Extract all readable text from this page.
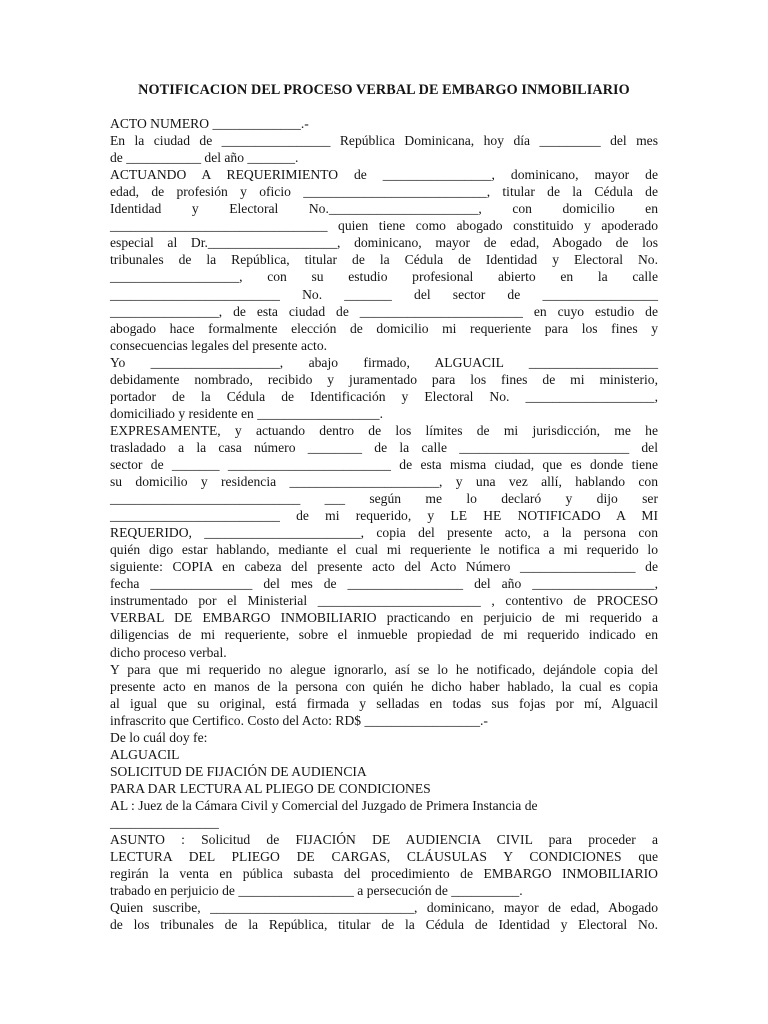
NOTIFICACION DEL PROCESO VERBAL DE EMBARGO INMOBILIARIO
ACTO NUMERO _____________.-
En la ciudad de ________________ República Dominicana, hoy día _________ del mes
de ___________ del año _______.
ACTUANDO A REQUERIMIENTO de ________________, dominicano, mayor de
edad, de profesión y oficio ___________________________, titular de la Cédula de
Identidad y Electoral No.______________________, con domicilio en
________________________________ quien tiene como abogado constituido y apoderado
especial al Dr.___________________, dominicano, mayor de edad, Abogado de los
tribunales de la República, titular de la Cédula de Identidad y Electoral No.
___________________, con su estudio profesional abierto en la calle
_________________________ No. _______ del sector de _________________
________________, de esta ciudad de ________________________ en cuyo estudio de
abogado hace formalmente elección de domicilio mi requeriente para los fines y
consecuencias legales del presente acto.
Yo ___________________, abajo firmado, ALGUACIL ___________________
debidamente nombrado, recibido y juramentado para los fines de mi ministerio,
portador de la Cédula de Identificación y Electoral No. ___________________,
domiciliado y residente en __________________.
EXPRESAMENTE, y actuando dentro de los límites de mi jurisdicción, me he
trasladado a la casa número ________ de la calle _________________________ del
sector de _______ ________________________ de esta misma ciudad, que es donde tiene
su domicilio y residencia ______________________, y una vez allí, hablando con
____________________________ ___ según me lo declaró y dijo ser
_________________________ de mi requerido, y LE HE NOTIFICADO A MI
REQUERIDO, _______________________, copia del presente acto, a la persona con
quién digo estar hablando, mediante el cual mi requeriente le notifica a mi requerido lo
siguiente: COPIA en cabeza del presente acto del Acto Número _________________ de
fecha _______________ del mes de _________________ del año __________________,
instrumentado por el Ministerial ________________________ , contentivo de PROCESO
VERBAL DE EMBARGO INMOBILIARIO practicando en perjuicio de mi requerido a
diligencias de mi requeriente, sobre el inmueble propiedad de mi requerido indicado en
dicho proceso verbal.
Y para que mi requerido no alegue ignorarlo, así se lo he notificado, dejándole copia del
presente acto en manos de la persona con quién he dicho haber hablado, la cual es copia
al igual que su original, está firmada y selladas en todas sus fojas por mí, Alguacil
infrascrito que Certifico. Costo del Acto: RD$ _________________.-
De lo cuál doy fe:
ALGUACIL
SOLICITUD DE FIJACIÓN DE AUDIENCIA
PARA DAR LECTURA AL PLIEGO DE CONDICIONES
AL : Juez de la Cámara Civil y Comercial del Juzgado de Primera Instancia de
________________
ASUNTO : Solicitud de FIJACIÓN DE AUDIENCIA CIVIL para proceder a
LECTURA DEL PLIEGO DE CARGAS, CLÁUSULAS Y CONDICIONES que
regirán la venta en pública subasta del procedimiento de EMBARGO INMOBILIARIO
trabado en perjuicio de _________________ a persecución de __________.
Quien suscribe, ______________________________, dominicano, mayor de edad, Abogado
de los tribunales de la República, titular de la Cédula de Identidad y Electoral No.
